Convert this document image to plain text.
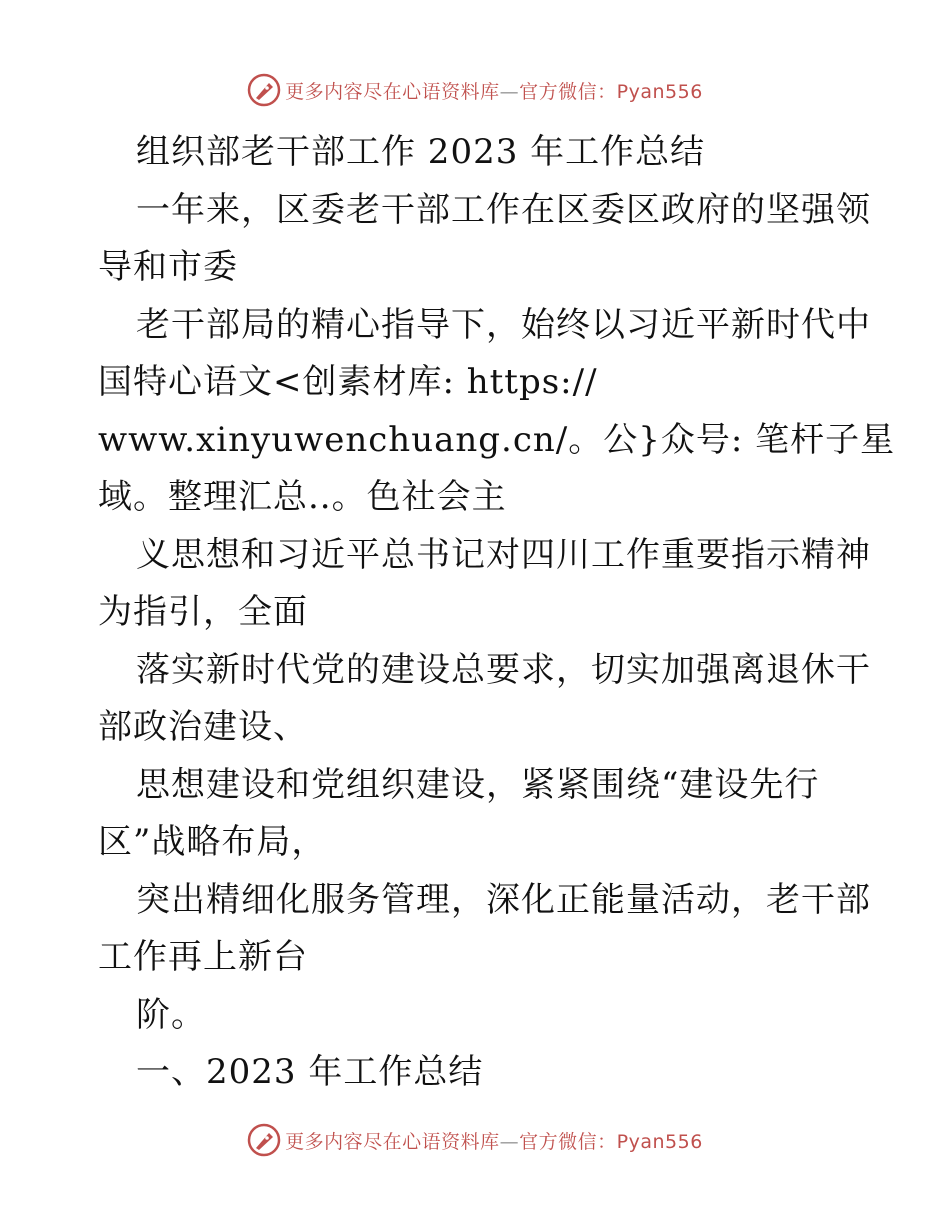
更多内容尽在心语资料库—官方微信：Pyan556
组织部老干部工作 2023 年工作总结
一年来，区委老干部工作在区委区政府的坚强领
导和市委
老干部局的精心指导下，始终以习近平新时代中
国特心语文<创素材库: https://
www.xinyuwenchuang.cn/。公}众号: 笔杆子星
域。整理汇总..。色社会主
义思想和习近平总书记对四川工作重要指示精神
为指引，全面
落实新时代党的建设总要求，切实加强离退休干
部政治建设、
思想建设和党组织建设，紧紧围绕“建设先行
区”战略布局，
突出精细化服务管理，深化正能量活动，老干部
工作再上新台
阶。
一、2023 年工作总结
更多内容尽在心语资料库—官方微信：Pyan556
